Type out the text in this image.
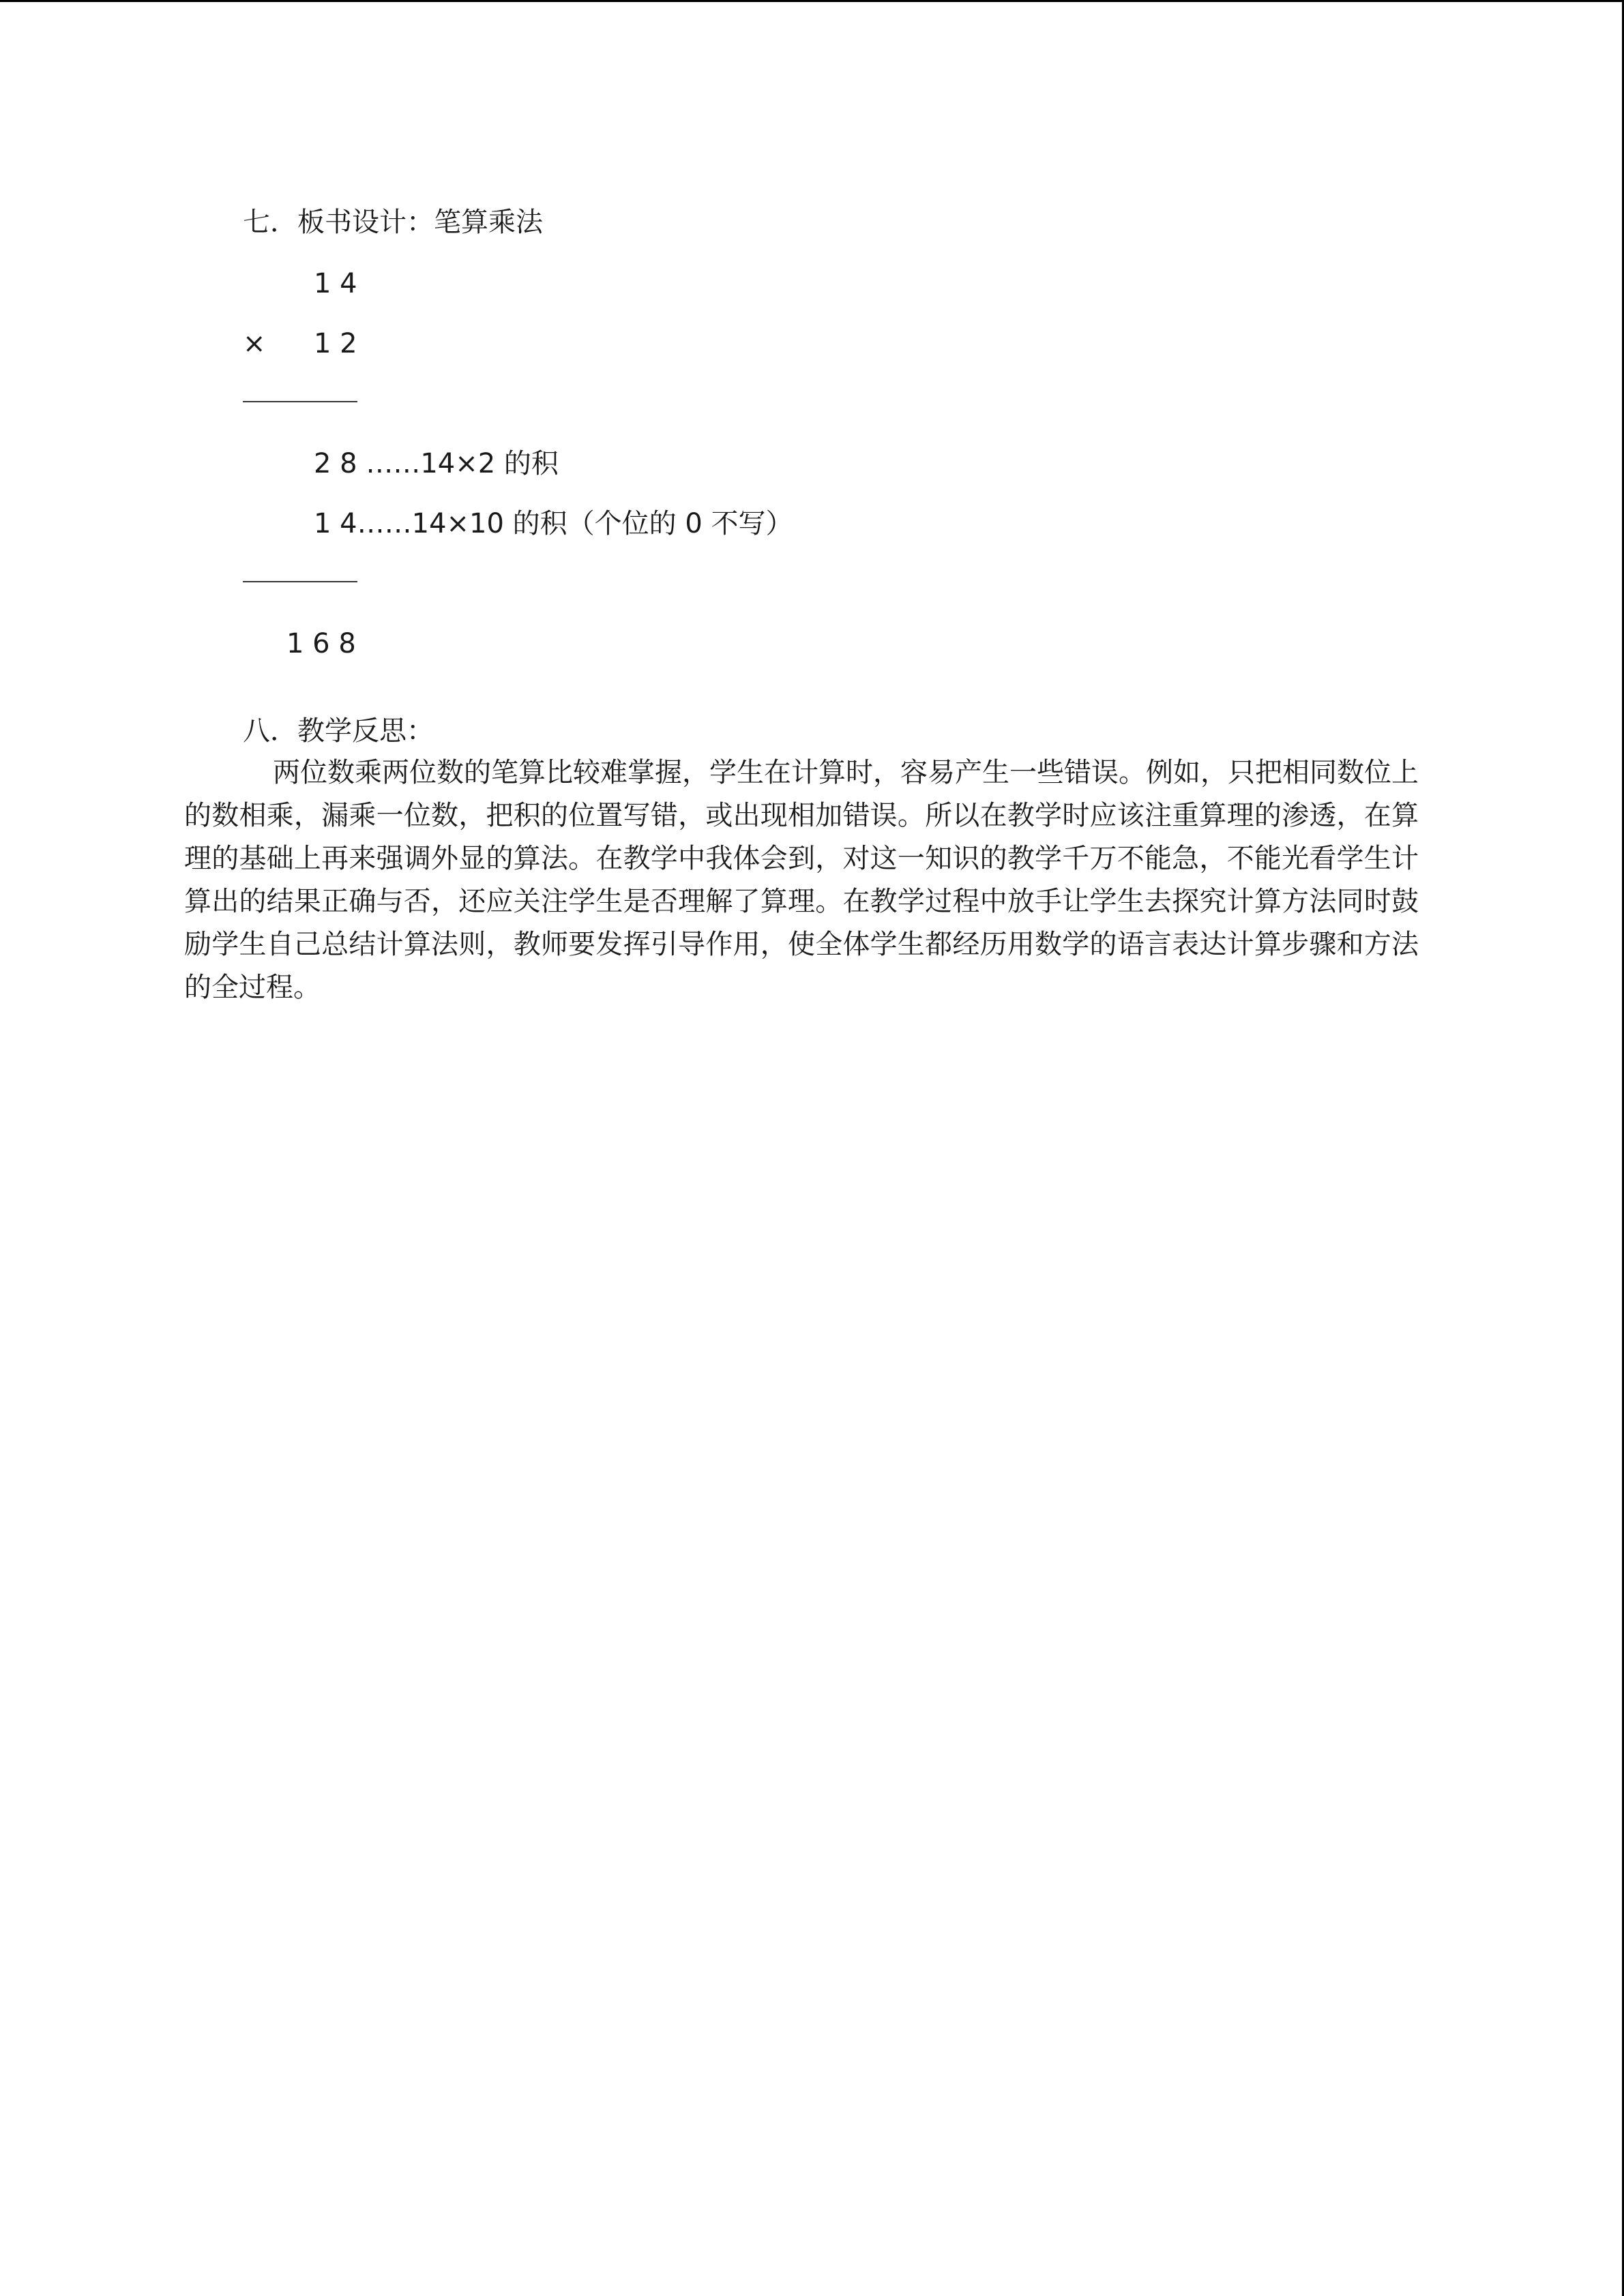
七．板书设计：笔算乘法
1 4
× 1 2
2 8 ……14×2 的积
1 4……14×10 的积（个位的 0 不写）
1 6 8
八．教学反思：
两位数乘两位数的笔算比较难掌握，学生在计算时，容易产生一些错误。例如，只把相同数位上的数相乘，漏乘一位数，把积的位置写错，或出现相加错误。所以在教学时应该注重算理的渗透，在算理的基础上再来强调外显的算法。在教学中我体会到，对这一知识的教学千万不能急，不能光看学生计算出的结果正确与否，还应关注学生是否理解了算理。在教学过程中放手让学生去探究计算方法同时鼓励学生自己总结计算法则，教师要发挥引导作用，使全体学生都经历用数学的语言表达计算步骤和方法的全过程。
